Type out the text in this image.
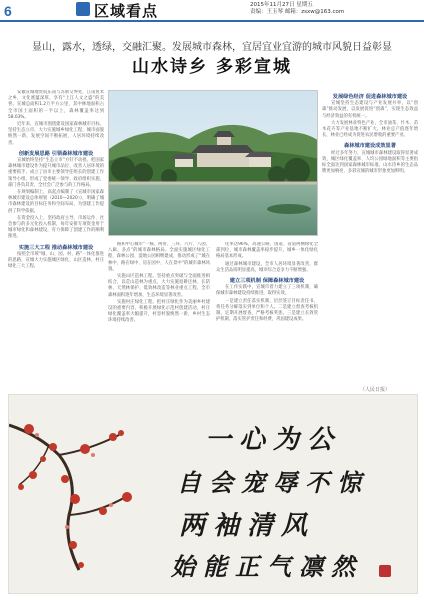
6	区域看点	2015年11月27日 星期五
责编：王玉琴 邮箱：zsxw@163.com
显山，露水，透绿，交融汇聚。发展城市森林，宜居宜业宜游的城市风貌日益彰显
山水诗乡 多彩宣城

安徽宣城地处皖东南与苏浙交界处，江南鱼米之乡，文化底蕴深厚，享有“上江人文之盛”的美誉。宣城总面积1.2万平方公里，其中林地面积占全市国土面积的一半以上，森林覆盖率达到58.03%。

近年来，宣城市围绕建设国家森林城市目标，坚持生态立市，大力实施城乡绿化工程，城市面貌焕然一新，发展空间不断拓展，人居环境持续改善。

创新发展思路 引领森林城市建设

宣城始终坚持“生态立市”方针不动摇，把国家森林城市建设作为提升城市品位、改善人居环境的重要抓手，成立了由市主要领导任组长的创建工作领导小组，形成了党委统一领导、政府组织实施、部门各负其责、全社会广泛参与的工作格局。

在规划编制上，高起点编制了《宣城市国家森林城市建设总体规划（2010—2020）》，明确了城市森林建设的目标任务和空间布局，为创建工作提供了科学依据。

在资金投入上，坚持政府主导、市场运作、社会参与的多元化投入机制，每年安排专项资金用于城市绿化和森林建设，有力保障了创建工作的顺利推进。

实施三大工程 推动森林城市建设

按照全市域“城、山、园、村、路”一体化推进的思路，宣城大力实施城区绿化、山区造林、村庄绿化三大工程。

路和中心城市“一核、两带、三环、六片、八园、八廊、多点”的城市森林格局。全面实施城区绿化工程，森林公园、湿地公园相继建成，推动形成了“城在林中、路在绿中、房在园中、人在景中”的城市森林风貌。

实施山区造林工程。坚持重点突破与全面推进相结合，以荒山造林为重点，大力实施退耕还林、长防林、天然林保护、低效林改造等林业重点工程，全市森林面积逐年增加，生态环境显著改善。

实施村庄绿化工程。把村庄绿化作为美丽乡村建设的重要内容，积极开展绿化示范村创建活动，村庄绿化覆盖率大幅提升，村容村貌焕然一新，乡村生态环境持续改善。

化率达96%，高速公路、国道、省道两侧绿化全部到位，城市森林覆盖率稳步提升，城乡一体化绿化格局基本形成。

通过森林城市建设，全市人居环境显著改善，群众生活品质明显提高，城市综合竞争力不断增强。

建立三项机制 保障森林城市建设

在工作实践中，宣城市着力建立了三项机制，确保城市森林建设持续推进，取得实效。

一是建立责任落实机制，层层签订目标责任书，将任务分解落实到单位和个人。二是建立督查考核机制，定期开展督查，严格考核奖惩。三是建立长效管护机制，落实管护责任和经费，巩固建设成果。

发展绿色经济 促进森林城市建设

宣城坚持生态建设与产业发展并举，以“创森”推动发展，以发展促进“创森”，实现生态效益与经济效益的有机统一。

大力发展林业特色产业，全市油茶、竹木、苗木花卉等产业基地不断扩大，林业总产值逐年增长，林业已经成为促进农民增收的重要产业。

森林城市建设成效显著

经过多年努力，宣城城市森林建设取得显著成效，城区绿化覆盖率、人均公园绿地面积等主要指标全面达到国家森林城市标准，山水诗乡的生态品牌更加响亮，多彩宣城的城市形象更加鲜明。

（人民日报）
一心为公
自会宠辱不惊
两袖清风
始能正气凛然
